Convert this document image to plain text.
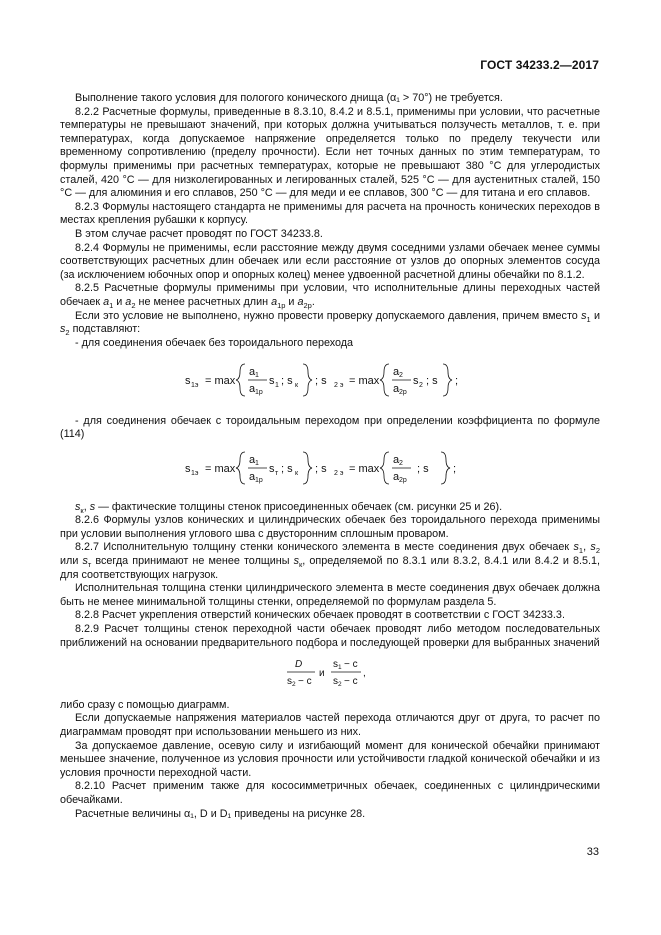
ГОСТ 34233.2—2017

Выполнение такого условия для пологого конического днища (α₁ > 70°) не требуется.

8.2.2 Расчетные формулы, приведенные в 8.3.10, 8.4.2 и 8.5.1, применимы при условии, что расчетные температуры не превышают значений, при которых должна учитываться ползучесть металлов, т. е. при температурах, когда допускаемое напряжение определяется только по пределу текучести или временному сопротивлению (пределу прочности). Если нет точных данных по этим температурам, то формулы применимы при расчетных температурах, которые не превышают 380 °С для углеродистых сталей, 420 °С — для низколегированных и легированных сталей, 525 °С — для аустенитных сталей, 150 °С — для алюминия и его сплавов, 250 °С — для меди и ее сплавов, 300 °С — для титана и его сплавов.

8.2.3 Формулы настоящего стандарта не применимы для расчета на прочность конических переходов в местах крепления рубашки к корпусу.

В этом случае расчет проводят по ГОСТ 34233.8.

8.2.4 Формулы не применимы, если расстояние между двумя соседними узлами обечаек менее суммы соответствующих расчетных длин обечаек или если расстояние от узлов до опорных элементов сосуда (за исключением юбочных опор и опорных колец) менее удвоенной расчетной длины обечайки по 8.1.2.

8.2.5 Расчетные формулы применимы при условии, что исполнительные длины переходных частей обечаек $a_1$ и $a_2$ не менее расчетных длин $a_{1р}$ и $a_{2р}$.

Если это условие не выполнено, нужно провести проверку допускаемого давления, причем вместо $s_1$ и $s_2$ подставляют:

- для соединения обечаек без тороидального перехода

s 1э = max
a 1
a 1р
s 1 ; s к ; s 2 э = max
a 2
a 2р
s 2 ; s ;

- для соединения обечаек с тороидальным переходом при определении коэффициента по формуле (114)

s 1э = max
a 1
a 1р
s т ; s к ; s 2 э = max
a 2
a 2р
; s ;

$s_к$, s — фактические толщины стенок присоединенных обечаек (см. рисунки 25 и 26).

8.2.6 Формулы узлов конических и цилиндрических обечаек без тороидального перехода применимы при условии выполнения углового шва с двусторонним сплошным проваром.

8.2.7 Исполнительную толщину стенки конического элемента в месте соединения двух обечаек $s_1$, $s_2$ или $s_т$ всегда принимают не менее толщины $s_к$, определяемой по 8.3.1 или 8.3.2, 8.4.1 или 8.4.2 и 8.5.1, для соответствующих нагрузок.

Исполнительная толщина стенки цилиндрического элемента в месте соединения двух обечаек должна быть не менее минимальной толщины стенки, определяемой по формулам раздела 5.

8.2.8 Расчет укрепления отверстий конических обечаек проводят в соответствии с ГОСТ 34233.3.

8.2.9 Расчет толщины стенок переходной части обечаек проводят либо методом последовательных приближений на основании предварительного подбора и последующей проверки для выбранных значений

D
s 2 − c
и
s 1 − c
s 2 − c
,

либо сразу с помощью диаграмм.

Если допускаемые напряжения материалов частей перехода отличаются друг от друга, то расчет по диаграммам проводят при использовании меньшего из них.

За допускаемое давление, осевую силу и изгибающий момент для конической обечайки принимают меньшее значение, полученное из условия прочности или устойчивости гладкой конической обечайки и из условия прочности переходной части.

8.2.10 Расчет применим также для кососимметричных обечаек, соединенных с цилиндрическими обечайками.

Расчетные величины α₁, D и D₁ приведены на рисунке 28.

33
